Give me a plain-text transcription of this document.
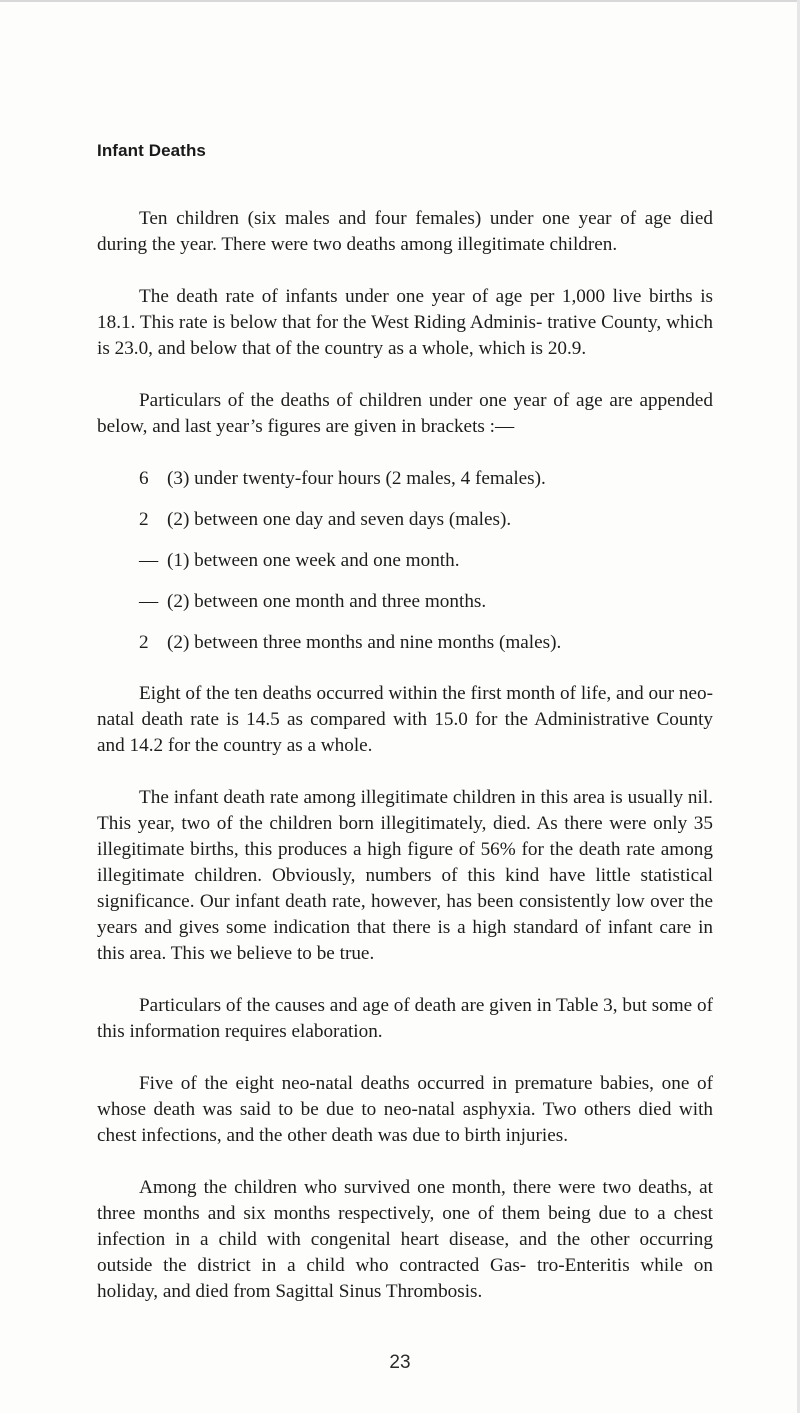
Infant Deaths

Ten children (six males and four females) under one year of age died during the year. There were two deaths among illegitimate children.

The death rate of infants under one year of age per 1,000 live births is 18.1. This rate is below that for the West Riding Adminis- trative County, which is 23.0, and below that of the country as a whole, which is 20.9.

Particulars of the deaths of children under one year of age are appended below, and last year’s figures are given in brackets :—

6 (3) under twenty-four hours (2 males, 4 females).
2 (2) between one day and seven days (males).
— (1) between one week and one month.
— (2) between one month and three months.
2 (2) between three months and nine months (males).

Eight of the ten deaths occurred within the first month of life, and our neo-natal death rate is 14.5 as compared with 15.0 for the Administrative County and 14.2 for the country as a whole.

The infant death rate among illegitimate children in this area is usually nil. This year, two of the children born illegitimately, died. As there were only 35 illegitimate births, this produces a high figure of 56% for the death rate among illegitimate children. Obviously, numbers of this kind have little statistical significance. Our infant death rate, however, has been consistently low over the years and gives some indication that there is a high standard of infant care in this area. This we believe to be true.

Particulars of the causes and age of death are given in Table 3, but some of this information requires elaboration.

Five of the eight neo-natal deaths occurred in premature babies, one of whose death was said to be due to neo-natal asphyxia. Two others died with chest infections, and the other death was due to birth injuries.

Among the children who survived one month, there were two deaths, at three months and six months respectively, one of them being due to a chest infection in a child with congenital heart disease, and the other occurring outside the district in a child who contracted Gas- tro-Enteritis while on holiday, and died from Sagittal Sinus Thrombosis.

23
